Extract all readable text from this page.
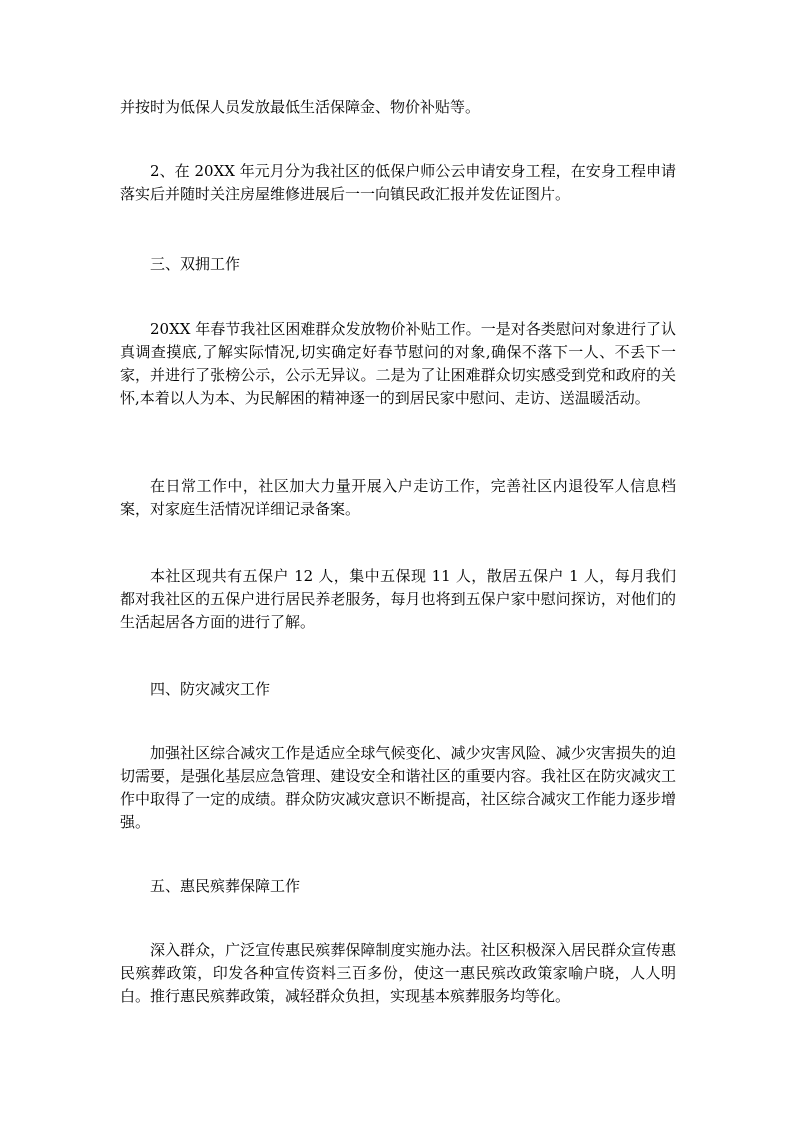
并按时为低保人员发放最低生活保障金、物价补贴等。

2、在 20XX 年元月分为我社区的低保户师公云申请安身工程，在安身工程申请落实后并随时关注房屋维修进展后一一向镇民政汇报并发佐证图片。

三、双拥工作

20XX 年春节我社区困难群众发放物价补贴工作。一是对各类慰问对象进行了认真调查摸底,了解实际情况,切实确定好春节慰问的对象,确保不落下一人、不丢下一家，并进行了张榜公示，公示无异议。二是为了让困难群众切实感受到党和政府的关怀,本着以人为本、为民解困的精神逐一的到居民家中慰问、走访、送温暖活动。

在日常工作中，社区加大力量开展入户走访工作，完善社区内退役军人信息档案，对家庭生活情况详细记录备案。

本社区现共有五保户 12 人，集中五保现 11 人，散居五保户 1 人，每月我们都对我社区的五保户进行居民养老服务，每月也将到五保户家中慰问探访，对他们的生活起居各方面的进行了解。

四、防灾减灾工作

加强社区综合减灾工作是适应全球气候变化、减少灾害风险、减少灾害损失的迫切需要，是强化基层应急管理、建设安全和谐社区的重要内容。我社区在防灾减灾工作中取得了一定的成绩。群众防灾减灾意识不断提高，社区综合减灾工作能力逐步增强。

五、惠民殡葬保障工作

深入群众，广泛宣传惠民殡葬保障制度实施办法。社区积极深入居民群众宣传惠民殡葬政策，印发各种宣传资料三百多份，使这一惠民殡改政策家喻户晓，人人明白。推行惠民殡葬政策，减轻群众负担，实现基本殡葬服务均等化。
